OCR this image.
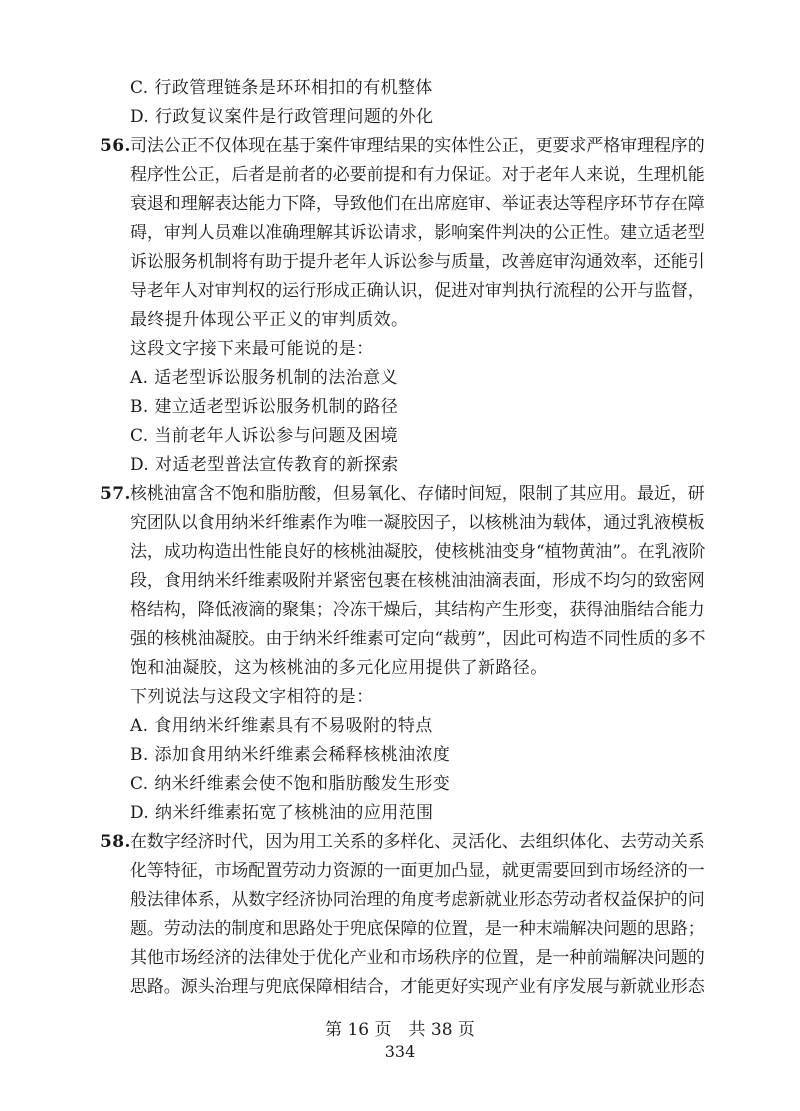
C. 行政管理链条是环环相扣的有机整体
D. 行政复议案件是行政管理问题的外化
56. 司法公正不仅体现在基于案件审理结果的实体性公正，更要求严格审理程序的
程序性公正，后者是前者的必要前提和有力保证。对于老年人来说，生理机能
衰退和理解表达能力下降，导致他们在出席庭审、举证表达等程序环节存在障
碍，审判人员难以准确理解其诉讼请求，影响案件判决的公正性。建立适老型
诉讼服务机制将有助于提升老年人诉讼参与质量，改善庭审沟通效率，还能引
导老年人对审判权的运行形成正确认识，促进对审判执行流程的公开与监督，
最终提升体现公平正义的审判质效。
这段文字接下来最可能说的是：
A. 适老型诉讼服务机制的法治意义
B. 建立适老型诉讼服务机制的路径
C. 当前老年人诉讼参与问题及困境
D. 对适老型普法宣传教育的新探索
57. 核桃油富含不饱和脂肪酸，但易氧化、存储时间短，限制了其应用。最近，研
究团队以食用纳米纤维素作为唯一凝胶因子，以核桃油为载体，通过乳液模板
法，成功构造出性能良好的核桃油凝胶，使核桃油变身“植物黄油”。在乳液阶
段，食用纳米纤维素吸附并紧密包裹在核桃油油滴表面，形成不均匀的致密网
格结构，降低液滴的聚集；冷冻干燥后，其结构产生形变，获得油脂结合能力
强的核桃油凝胶。由于纳米纤维素可定向“裁剪”，因此可构造不同性质的多不
饱和油凝胶，这为核桃油的多元化应用提供了新路径。
下列说法与这段文字相符的是：
A. 食用纳米纤维素具有不易吸附的特点
B. 添加食用纳米纤维素会稀释核桃油浓度
C. 纳米纤维素会使不饱和脂肪酸发生形变
D. 纳米纤维素拓宽了核桃油的应用范围
58. 在数字经济时代，因为用工关系的多样化、灵活化、去组织体化、去劳动关系
化等特征，市场配置劳动力资源的一面更加凸显，就更需要回到市场经济的一
般法律体系，从数字经济协同治理的角度考虑新就业形态劳动者权益保护的问
题。劳动法的制度和思路处于兜底保障的位置，是一种末端解决问题的思路；
其他市场经济的法律处于优化产业和市场秩序的位置，是一种前端解决问题的
思路。源头治理与兜底保障相结合，才能更好实现产业有序发展与新就业形态
第 16 页　共 38 页
334
